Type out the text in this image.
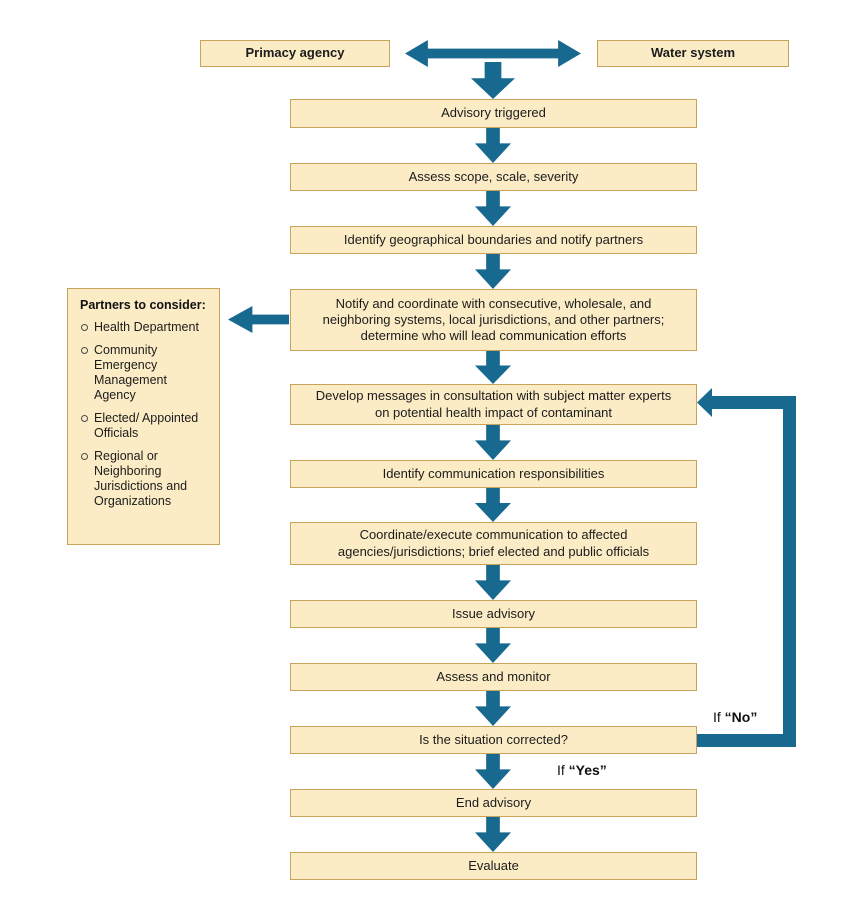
Primacy agency	Water system
Advisory triggered
Assess scope, scale, severity
Identify geographical boundaries and notify partners
Notify and coordinate with consecutive, wholesale, and neighboring systems, local jurisdictions, and other partners; determine who will lead communication efforts
Develop messages in consultation with subject matter experts on potential health impact of contaminant
Identify communication responsibilities
Coordinate/execute communication to affected agencies/jurisdictions; brief elected and public officials
Issue advisory
Assess and monitor
Is the situation corrected?
End advisory
Evaluate
Partners to consider:
Health Department
Community Emergency Management Agency
Elected/ Appointed Officials
Regional or Neighboring Jurisdictions and Organizations
If “No”
If “Yes”
